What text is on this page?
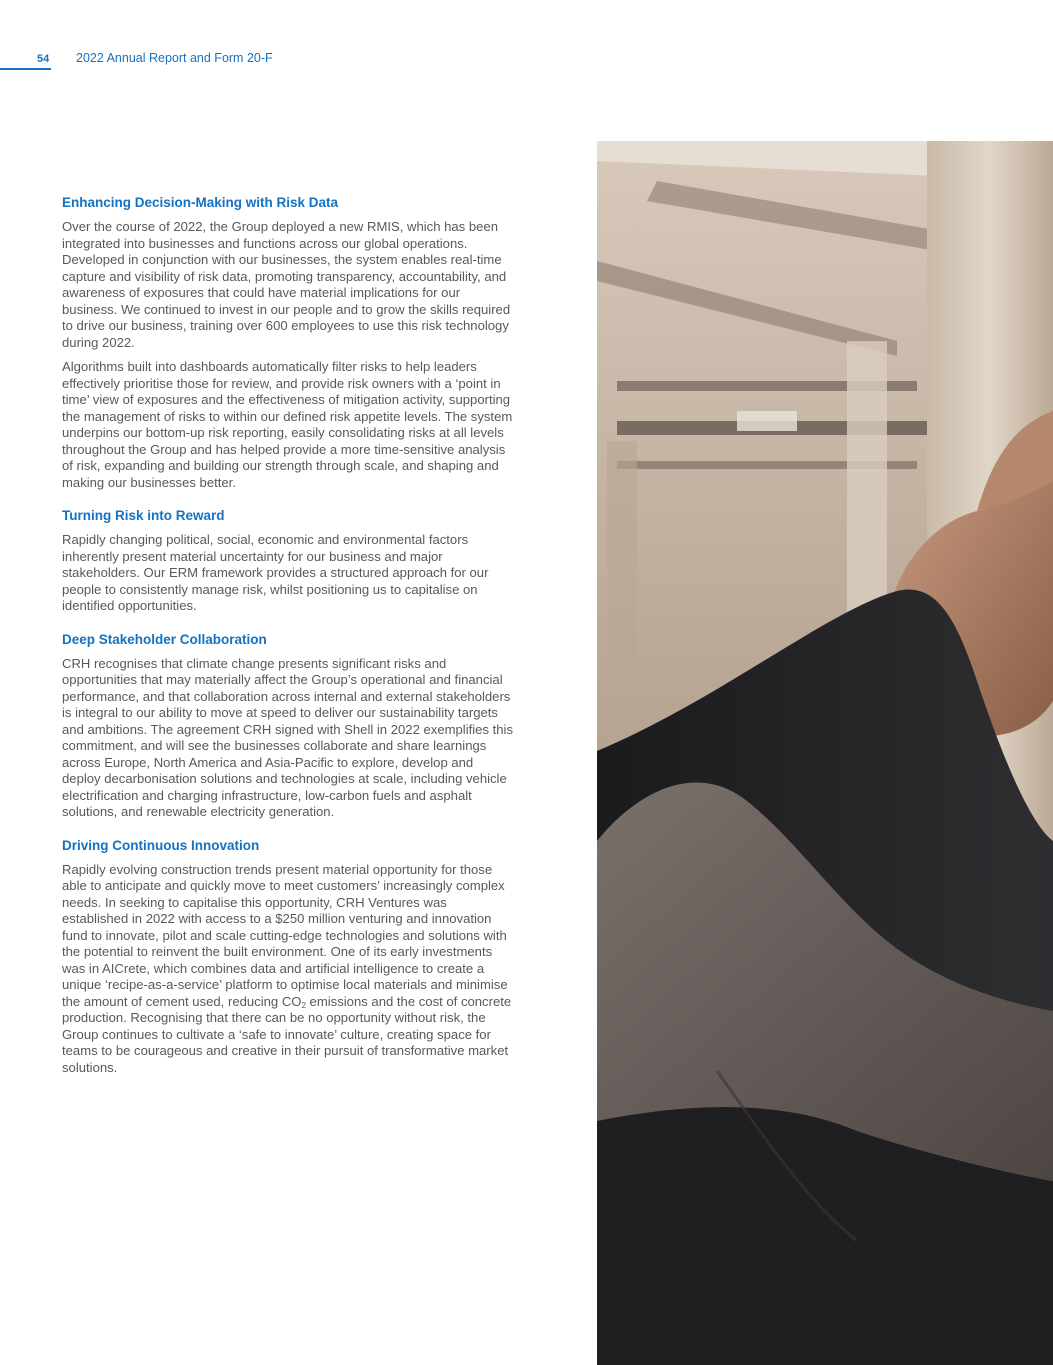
54 2022 Annual Report and Form 20-F
Enhancing Decision-Making with Risk Data

Over the course of 2022, the Group deployed a new RMIS, which has been integrated into businesses and functions across our global operations. Developed in conjunction with our businesses, the system enables real-time capture and visibility of risk data, promoting transparency, accountability, and awareness of exposures that could have material implications for our business. We continued to invest in our people and to grow the skills required to drive our business, training over 600 employees to use this risk technology during 2022.

Algorithms built into dashboards automatically filter risks to help leaders effectively prioritise those for review, and provide risk owners with a ‘point in time’ view of exposures and the effectiveness of mitigation activity, supporting the management of risks to within our defined risk appetite levels. The system underpins our bottom-up risk reporting, easily consolidating risks at all levels throughout the Group and has helped provide a more time-sensitive analysis of risk, expanding and building our strength through scale, and shaping and making our businesses better.

Turning Risk into Reward

Rapidly changing political, social, economic and environmental factors inherently present material uncertainty for our business and major stakeholders. Our ERM framework provides a structured approach for our people to consistently manage risk, whilst positioning us to capitalise on identified opportunities.

Deep Stakeholder Collaboration

CRH recognises that climate change presents significant risks and opportunities that may materially affect the Group’s operational and financial performance, and that collaboration across internal and external stakeholders is integral to our ability to move at speed to deliver our sustainability targets and ambitions. The agreement CRH signed with Shell in 2022 exemplifies this commitment, and will see the businesses collaborate and share learnings across Europe, North America and Asia-Pacific to explore, develop and deploy decarbonisation solutions and technologies at scale, including vehicle electrification and charging infrastructure, low-carbon fuels and asphalt solutions, and renewable electricity generation.

Driving Continuous Innovation

Rapidly evolving construction trends present material opportunity for those able to anticipate and quickly move to meet customers’ increasingly complex needs. In seeking to capitalise this opportunity, CRH Ventures was established in 2022 with access to a $250 million venturing and innovation fund to innovate, pilot and scale cutting-edge technologies and solutions with the potential to reinvent the built environment. One of its early investments was in AICrete, which combines data and artificial intelligence to create a unique ‘recipe-as-a-service’ platform to optimise local materials and minimise the amount of cement used, reducing $CO_2$ emissions and the cost of concrete production. Recognising that there can be no opportunity without risk, the Group continues to cultivate a ‘safe to innovate’ culture, creating space for teams to be courageous and creative in their pursuit of transformative market solutions.
